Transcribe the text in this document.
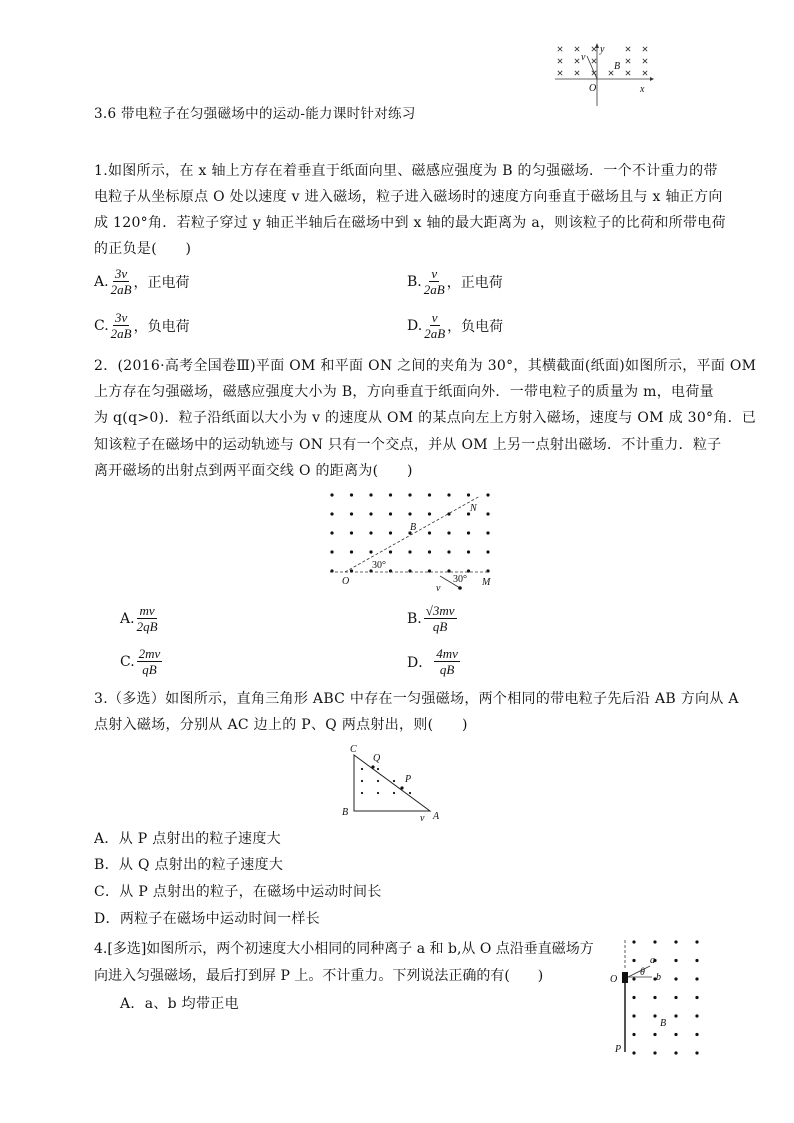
y
B
v
O	x
3.6 带电粒子在匀强磁场中的运动-能力课时针对练习
1.如图所示，在 x 轴上方存在着垂直于纸面向里、磁感应强度为 B 的匀强磁场．一个不计重力的带
电粒子从坐标原点 O 处以速度 v 进入磁场，粒子进入磁场时的速度方向垂直于磁场且与 x 轴正方向
成 120°角．若粒子穿过 y 轴正半轴后在磁场中到 x 轴的最大距离为 a，则该粒子的比荷和所带电荷
的正负是(　　)
A. $\frac{3v}{2aB}$ ，正电荷	B. $\frac{v}{2aB}$ ，正电荷
C. $\frac{3v}{2aB}$ ，负电荷	D. $\frac{v}{2aB}$ ，负电荷
2．(2016·高考全国卷Ⅲ)平面 OM 和平面 ON 之间的夹角为 30°，其横截面(纸面)如图所示，平面 OM
上方存在匀强磁场，磁感应强度大小为 B，方向垂直于纸面向外．一带电粒子的质量为 m，电荷量
为 q(q>0)．粒子沿纸面以大小为 v 的速度从 OM 的某点向左上方射入磁场，速度与 OM 成 30°角．已
知该粒子在磁场中的运动轨迹与 ON 只有一个交点，并从 OM 上另一点射出磁场．不计重力．粒子
离开磁场的出射点到两平面交线 O 的距离为(　　)
N
B
30°
30°
O
v
M
A. $\frac{mv}{2qB}$	B. $\frac{√3mv}{qB}$
C. $\frac{2mv}{qB}$	D． $\frac{4mv}{qB}$
3.（多选）如图所示，直角三角形 ABC 中存在一匀强磁场，两个相同的带电粒子先后沿 AB 方向从 A
点射入磁场，分别从 AC 边上的 P、Q 两点射出，则(　　)
C
Q
P
B
v A
A．从 P 点射出的粒子速度大
B．从 Q 点射出的粒子速度大
C．从 P 点射出的粒子，在磁场中运动时间长
D．两粒子在磁场中运动时间一样长
4.[多选]如图所示，两个初速度大小相同的同种离子 a 和 b,从 O 点沿垂直磁场方
向进入匀强磁场，最后打到屏 P 上。不计重力。下列说法正确的有(　　)
A．a、b 均带正电
a
θ b
O
B
P
